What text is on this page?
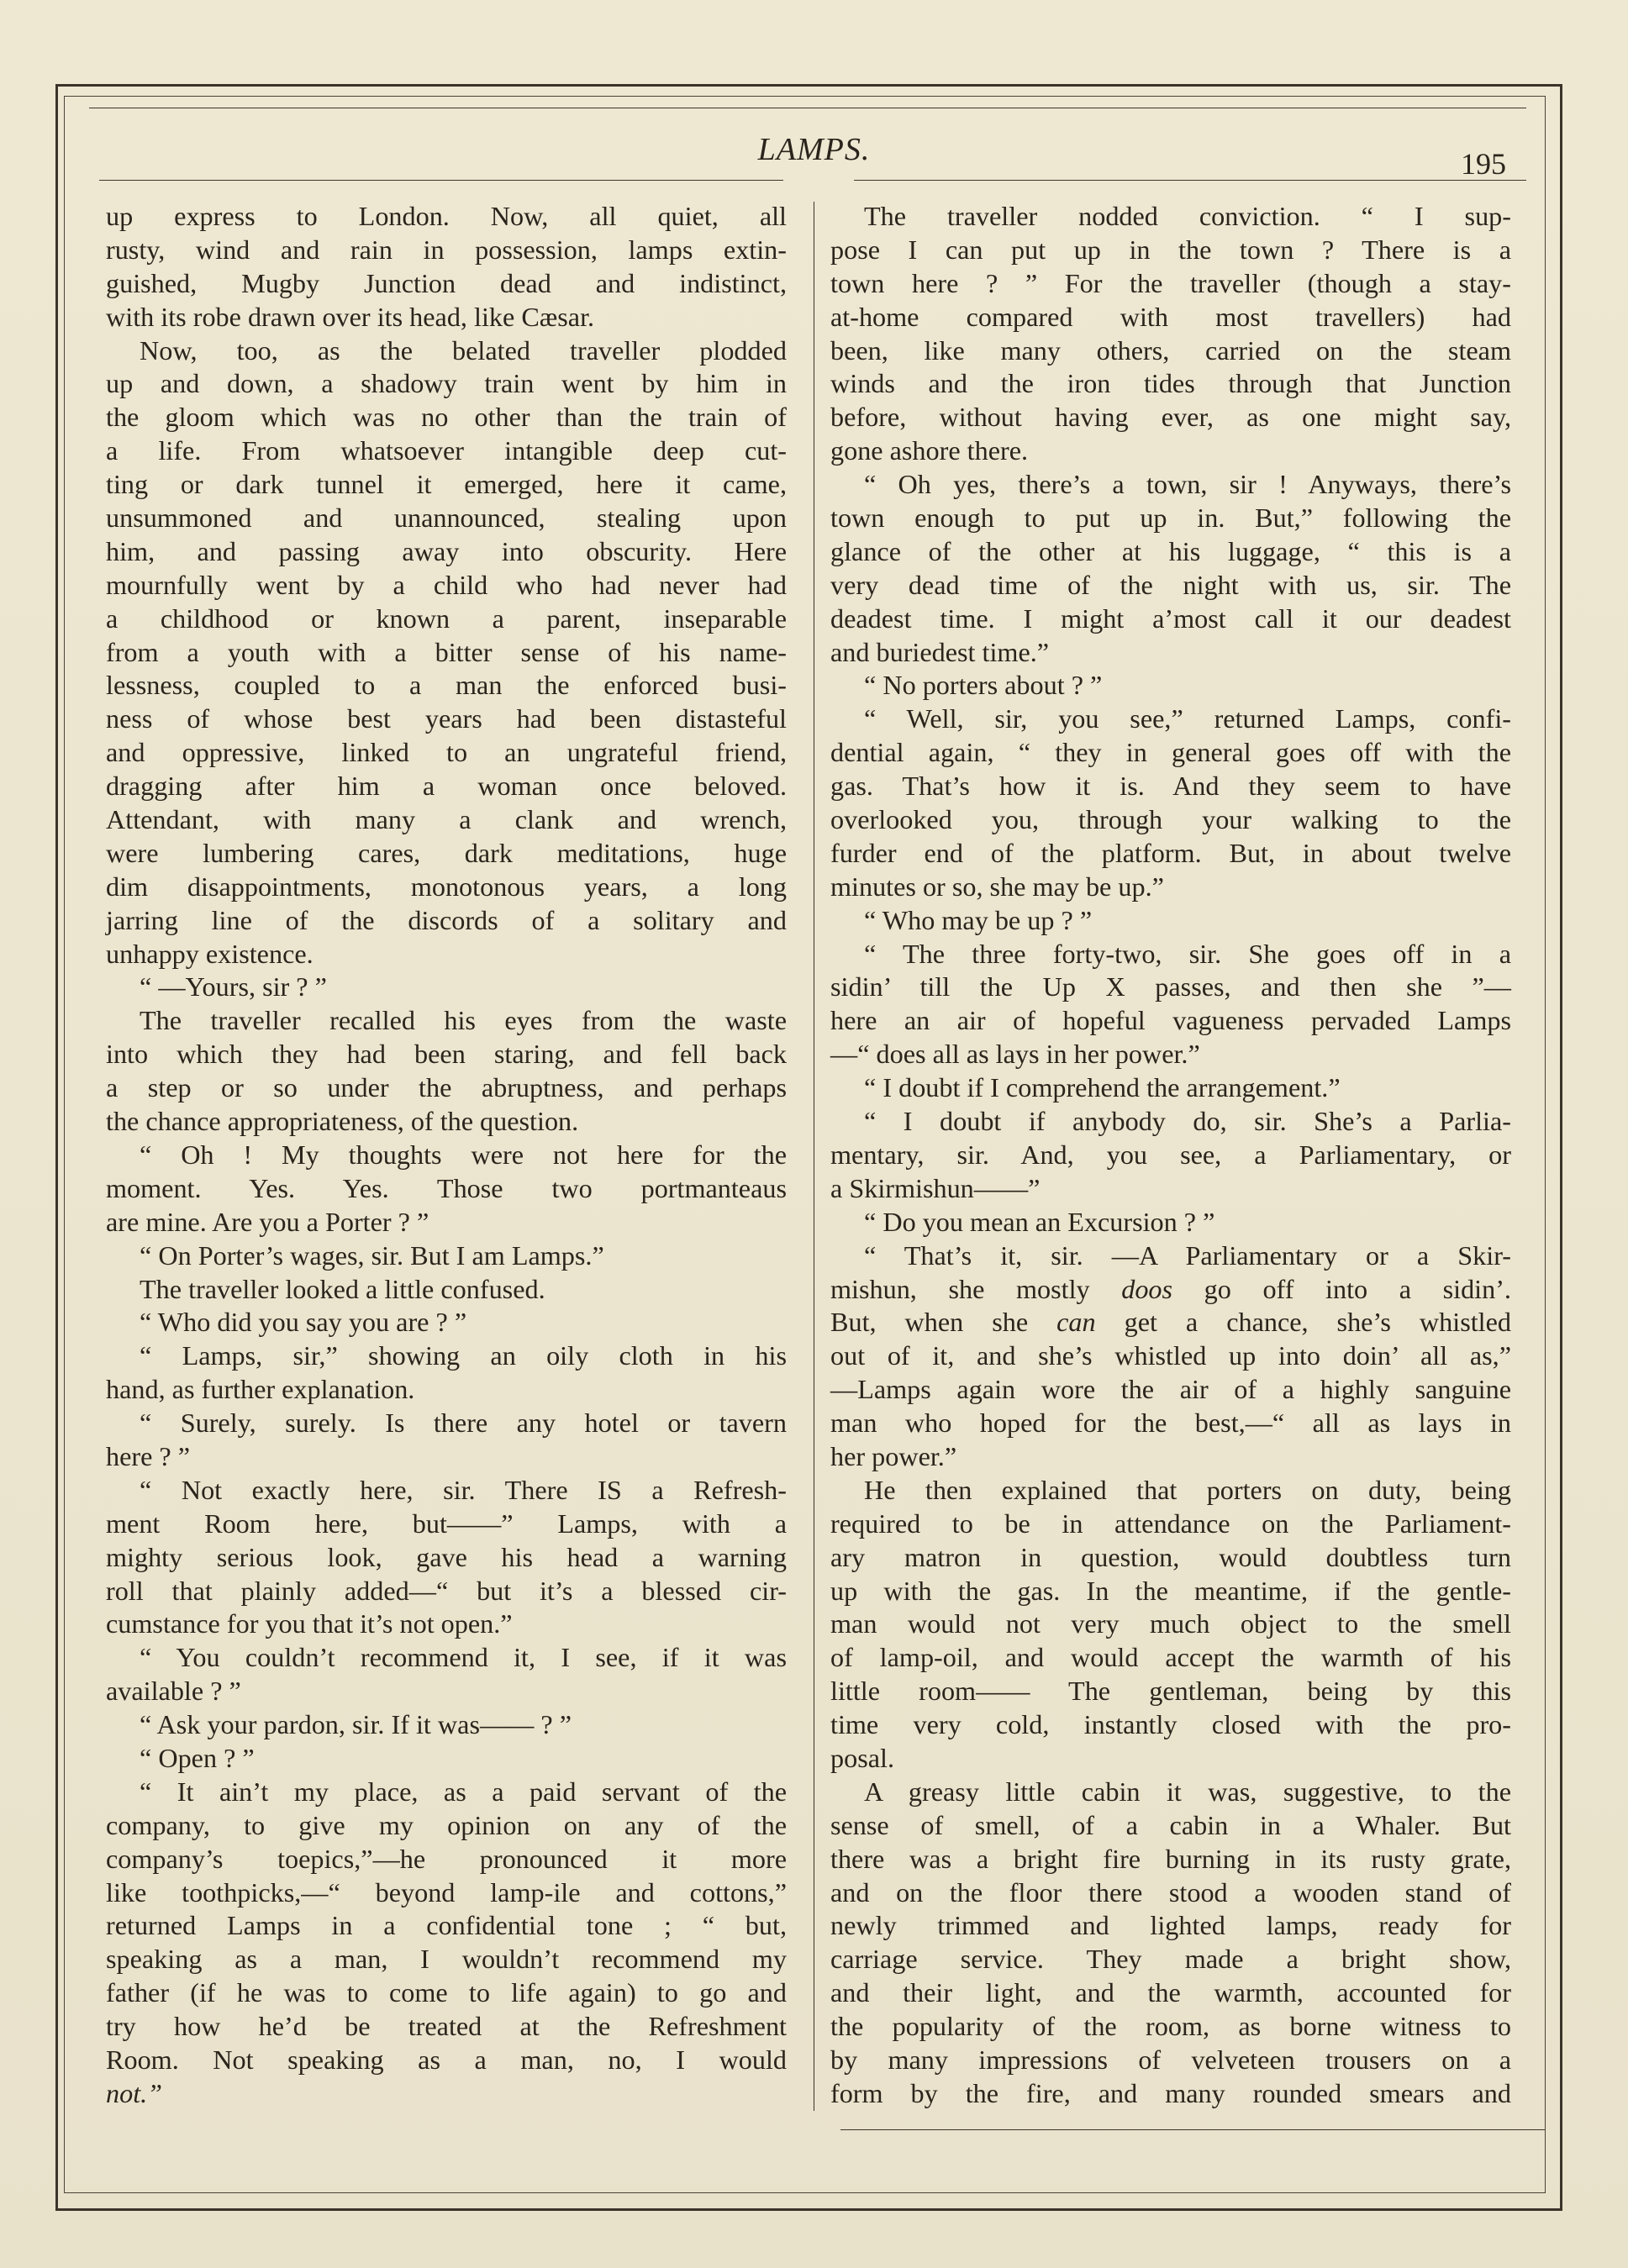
LAMPS.	195
up express to London. Now, all quiet, all
rusty, wind and rain in possession, lamps extin-
guished, Mugby Junction dead and indistinct,
with its robe drawn over its head, like Cæsar.
Now, too, as the belated traveller plodded
up and down, a shadowy train went by him in
the gloom which was no other than the train of
a life. From whatsoever intangible deep cut-
ting or dark tunnel it emerged, here it came,
unsummoned and unannounced, stealing upon
him, and passing away into obscurity. Here
mournfully went by a child who had never had
a childhood or known a parent, inseparable
from a youth with a bitter sense of his name-
lessness, coupled to a man the enforced busi-
ness of whose best years had been distasteful
and oppressive, linked to an ungrateful friend,
dragging after him a woman once beloved.
Attendant, with many a clank and wrench,
were lumbering cares, dark meditations, huge
dim disappointments, monotonous years, a long
jarring line of the discords of a solitary and
unhappy existence.
“ —Yours, sir ? ”
The traveller recalled his eyes from the waste
into which they had been staring, and fell back
a step or so under the abruptness, and perhaps
the chance appropriateness, of the question.
“ Oh ! My thoughts were not here for the
moment. Yes. Yes. Those two portmanteaus
are mine. Are you a Porter ? ”
“ On Porter’s wages, sir. But I am Lamps.”
The traveller looked a little confused.
“ Who did you say you are ? ”
“ Lamps, sir,” showing an oily cloth in his
hand, as further explanation.
“ Surely, surely. Is there any hotel or tavern
here ? ”
“ Not exactly here, sir. There IS a Refresh-
ment Room here, but——” Lamps, with a
mighty serious look, gave his head a warning
roll that plainly added—“ but it’s a blessed cir-
cumstance for you that it’s not open.”
“ You couldn’t recommend it, I see, if it was
available ? ”
“ Ask your pardon, sir. If it was—— ? ”
“ Open ? ”
“ It ain’t my place, as a paid servant of the
company, to give my opinion on any of the
company’s toepics,”—he pronounced it more
like toothpicks,—“ beyond lamp-ile and cottons,”
returned Lamps in a confidential tone ; “ but,
speaking as a man, I wouldn’t recommend my
father (if he was to come to life again) to go and
try how he’d be treated at the Refreshment
Room. Not speaking as a man, no, I would
not.”
The traveller nodded conviction. “ I sup-
pose I can put up in the town ? There is a
town here ? ” For the traveller (though a stay-
at-home compared with most travellers) had
been, like many others, carried on the steam
winds and the iron tides through that Junction
before, without having ever, as one might say,
gone ashore there.
“ Oh yes, there’s a town, sir ! Anyways, there’s
town enough to put up in. But,” following the
glance of the other at his luggage, “ this is a
very dead time of the night with us, sir. The
deadest time. I might a’most call it our deadest
and buriedest time.”
“ No porters about ? ”
“ Well, sir, you see,” returned Lamps, confi-
dential again, “ they in general goes off with the
gas. That’s how it is. And they seem to have
overlooked you, through your walking to the
furder end of the platform. But, in about twelve
minutes or so, she may be up.”
“ Who may be up ? ”
“ The three forty-two, sir. She goes off in a
sidin’ till the Up X passes, and then she ”—
here an air of hopeful vagueness pervaded Lamps
—“ does all as lays in her power.”
“ I doubt if I comprehend the arrangement.”
“ I doubt if anybody do, sir. She’s a Parlia-
mentary, sir. And, you see, a Parliamentary, or
a Skirmishun——”
“ Do you mean an Excursion ? ”
“ That’s it, sir. —A Parliamentary or a Skir-
mishun, she mostly doos go off into a sidin’.
But, when she can get a chance, she’s whistled
out of it, and she’s whistled up into doin’ all as,”
—Lamps again wore the air of a highly sanguine
man who hoped for the best,—“ all as lays in
her power.”
He then explained that porters on duty, being
required to be in attendance on the Parliament-
ary matron in question, would doubtless turn
up with the gas. In the meantime, if the gentle-
man would not very much object to the smell
of lamp-oil, and would accept the warmth of his
little room—— The gentleman, being by this
time very cold, instantly closed with the pro-
posal.
A greasy little cabin it was, suggestive, to the
sense of smell, of a cabin in a Whaler. But
there was a bright fire burning in its rusty grate,
and on the floor there stood a wooden stand of
newly trimmed and lighted lamps, ready for
carriage service. They made a bright show,
and their light, and the warmth, accounted for
the popularity of the room, as borne witness to
by many impressions of velveteen trousers on a
form by the fire, and many rounded smears and
